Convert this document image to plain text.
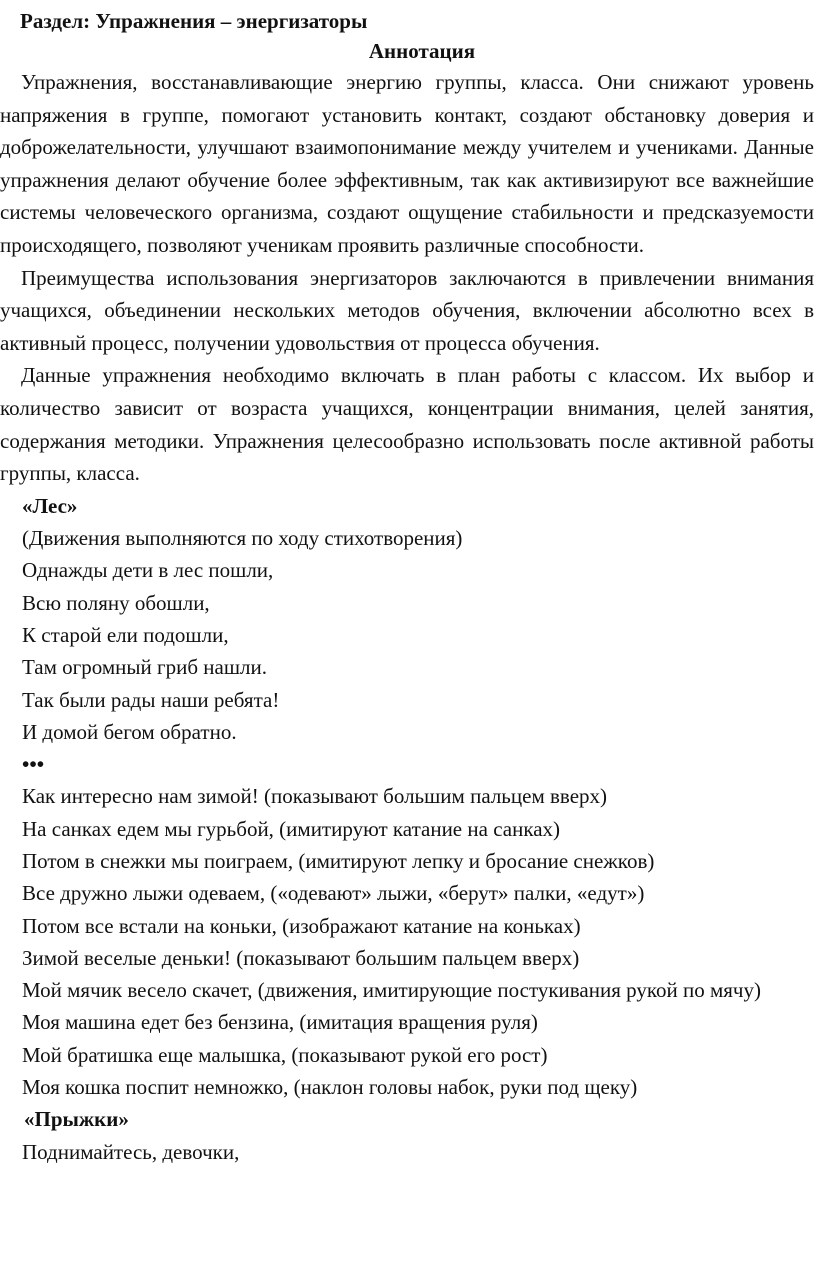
Раздел: Упражнения – энергизаторы
Аннотация

Упражнения, восстанавливающие энергию группы, класса. Они снижают уровень напряжения в группе, помогают установить контакт, создают обстановку доверия и доброжелательности, улучшают взаимопонимание между учителем и учениками. Данные упражнения делают обучение более эффективным, так как активизируют все важнейшие системы человеческого организма, создают ощущение стабильности и предсказуемости происходящего, позволяют ученикам проявить различные способности.

Преимущества использования энергизаторов заключаются в привлечении внимания учащихся, объединении нескольких методов обучения, включении абсолютно всех в активный процесс, получении удовольствия от процесса обучения.

Данные упражнения необходимо включать в план работы с классом. Их выбор и количество зависит от возраста учащихся, концентрации внимания, целей занятия, содержания методики. Упражнения целесообразно использовать после активной работы группы, класса.

«Лес»
(Движения выполняются по ходу стихотворения)
Однажды дети в лес пошли,
Всю поляну обошли,
К старой ели подошли,
Там огромный гриб нашли.
Так были рады наши ребята!
И домой бегом обратно.
•••
Как интересно нам зимой! (показывают большим пальцем вверх)
На санках едем мы гурьбой, (имитируют катание на санках)
Потом в снежки мы поиграем, (имитируют лепку и бросание снежков)
Все дружно лыжи одеваем, («одевают» лыжи, «берут» палки, «едут»)
Потом все встали на коньки, (изображают катание на коньках)
Зимой веселые деньки! (показывают большим пальцем вверх)
Мой мячик весело скачет, (движения, имитирующие постукивания рукой по мячу)
Моя машина едет без бензина, (имитация вращения руля)
Мой братишка еще малышка, (показывают рукой его рост)
Моя кошка поспит немножко, (наклон головы набок, руки под щеку)
«Прыжки»
Поднимайтесь, девочки,
